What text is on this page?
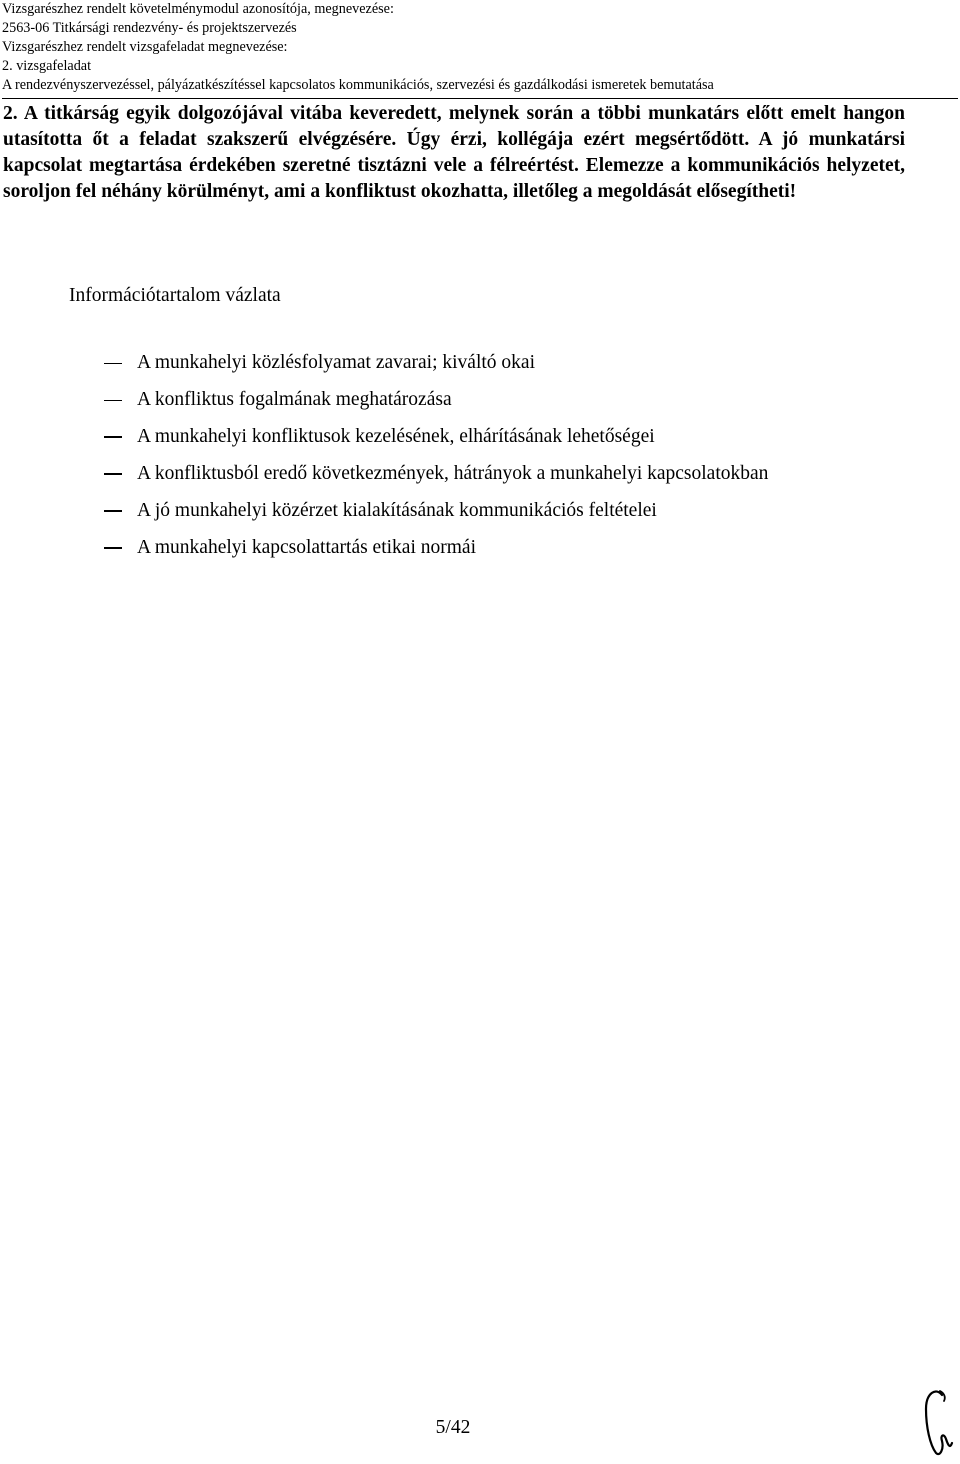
Vizsgarészhez rendelt követelménymodul azonosítója, megnevezése:
2563-06 Titkársági rendezvény- és projektszervezés
Vizsgarészhez rendelt vizsgafeladat megnevezése:
2. vizsgafeladat
A rendezvényszervezéssel, pályázatkészítéssel kapcsolatos kommunikációs, szervezési és gazdálkodási ismeretek bemutatása
2. A titkárság egyik dolgozójával vitába keveredett, melynek során a többi munkatárs előtt emelt hangon utasította őt a feladat szakszerű elvégzésére. Úgy érzi, kollégája ezért megsértődött. A jó munkatársi kapcsolat megtartása érdekében szeretné tisztázni vele a félreértést. Elemezze a kommunikációs helyzetet, soroljon fel néhány körülményt, ami a konfliktust okozhatta, illetőleg a megoldását elősegítheti!
Információtartalom vázlata
A munkahelyi közlésfolyamat zavarai; kiváltó okai
A konfliktus fogalmának meghatározása
A munkahelyi konfliktusok kezelésének, elhárításának lehetőségei
A konfliktusból eredő következmények, hátrányok a munkahelyi kapcsolatokban
A jó munkahelyi közérzet kialakításának kommunikációs feltételei
A munkahelyi kapcsolattartás etikai normái
5/42
